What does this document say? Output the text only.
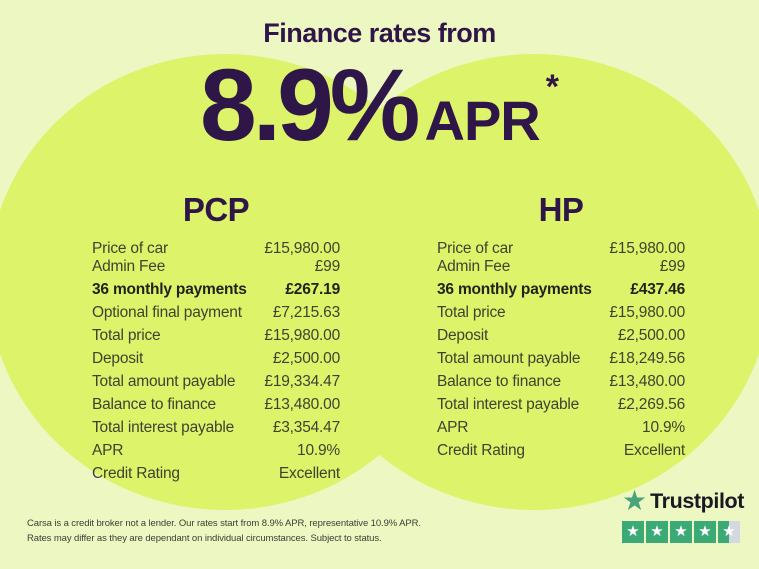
Finance rates from
8.9% APR
*
PCP
Price of car	£15,980.00
Admin Fee	£99
36 monthly payments £267.19
Optional final payment £7,215.63
Total price	£15,980.00
Deposit	£2,500.00
Total amount payable £19,334.47
Balance to finance	£13,480.00
Total interest payable	£3,354.47
APR	10.9%
Credit Rating	Excellent
HP
Price of car	£15,980.00
Admin Fee	£99
36 monthly payments £437.46
Total price	£15,980.00
Deposit	£2,500.00
Total amount payable £18,249.56
Balance to finance	£13,480.00
Total interest payable	£2,269.56
APR	10.9%
Credit Rating	Excellent
Carsa is a credit broker not a lender. Our rates start from 8.9% APR, representative 10.9% APR.
Rates may differ as they are dependant on individual circumstances. Subject to status.
★ Trustpilot
★ ★ ★ ★ ★
